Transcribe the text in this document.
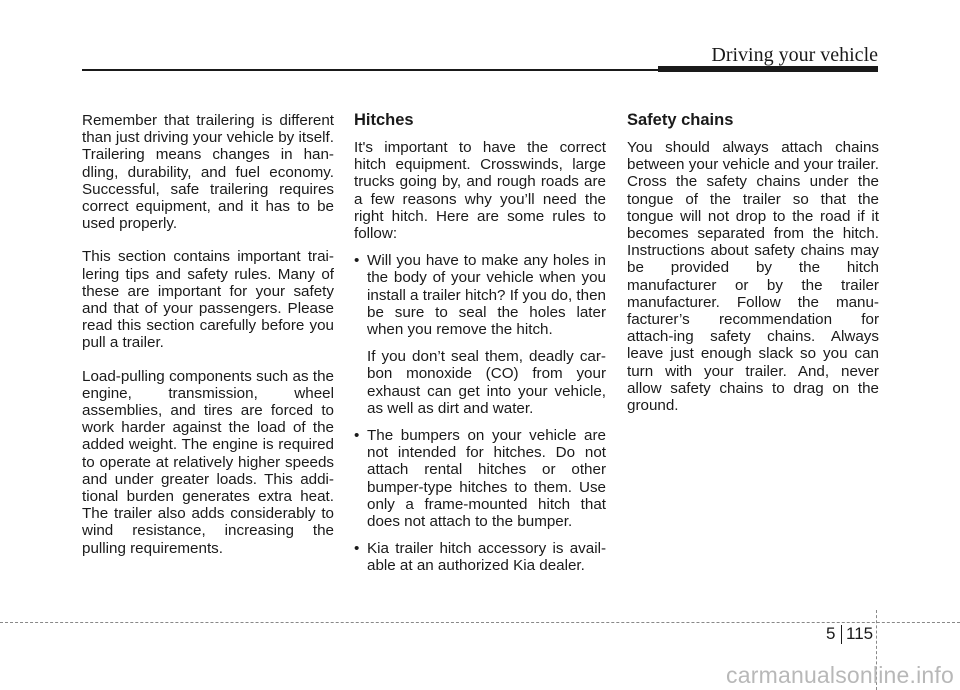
Driving your vehicle

Remember that trailering is different than just driving your vehicle by itself. Trailering means changes in han-dling, durability, and fuel economy. Successful, safe trailering requires correct equipment, and it has to be used properly.

This section contains important trai-lering tips and safety rules. Many of these are important for your safety and that of your passengers. Please read this section carefully before you pull a trailer.

Load-pulling components such as the engine, transmission, wheel assemblies, and tires are forced to work harder against the load of the added weight. The engine is required to operate at relatively higher speeds and under greater loads. This addi-tional burden generates extra heat. The trailer also adds considerably to wind resistance, increasing the pulling requirements.

Hitches

It's important to have the correct hitch equipment. Crosswinds, large trucks going by, and rough roads are a few reasons why you’ll need the right hitch. Here are some rules to follow:

• Will you have to make any holes in the body of your vehicle when you install a trailer hitch? If you do, then be sure to seal the holes later when you remove the hitch.

If you don’t seal them, deadly car-bon monoxide (CO) from your exhaust can get into your vehicle, as well as dirt and water.

• The bumpers on your vehicle are not intended for hitches. Do not attach rental hitches or other bumper-type hitches to them. Use only a frame-mounted hitch that does not attach to the bumper.

• Kia trailer hitch accessory is avail-able at an authorized Kia dealer.

Safety chains

You should always attach chains between your vehicle and your trailer. Cross the safety chains under the tongue of the trailer so that the tongue will not drop to the road if it becomes separated from the hitch. Instructions about safety chains may be provided by the hitch manufacturer or by the trailer manufacturer. Follow the manu-facturer’s recommendation for attach-ing safety chains. Always leave just enough slack so you can turn with your trailer. And, never allow safety chains to drag on the ground.

5 115
carmanualsonline.info
